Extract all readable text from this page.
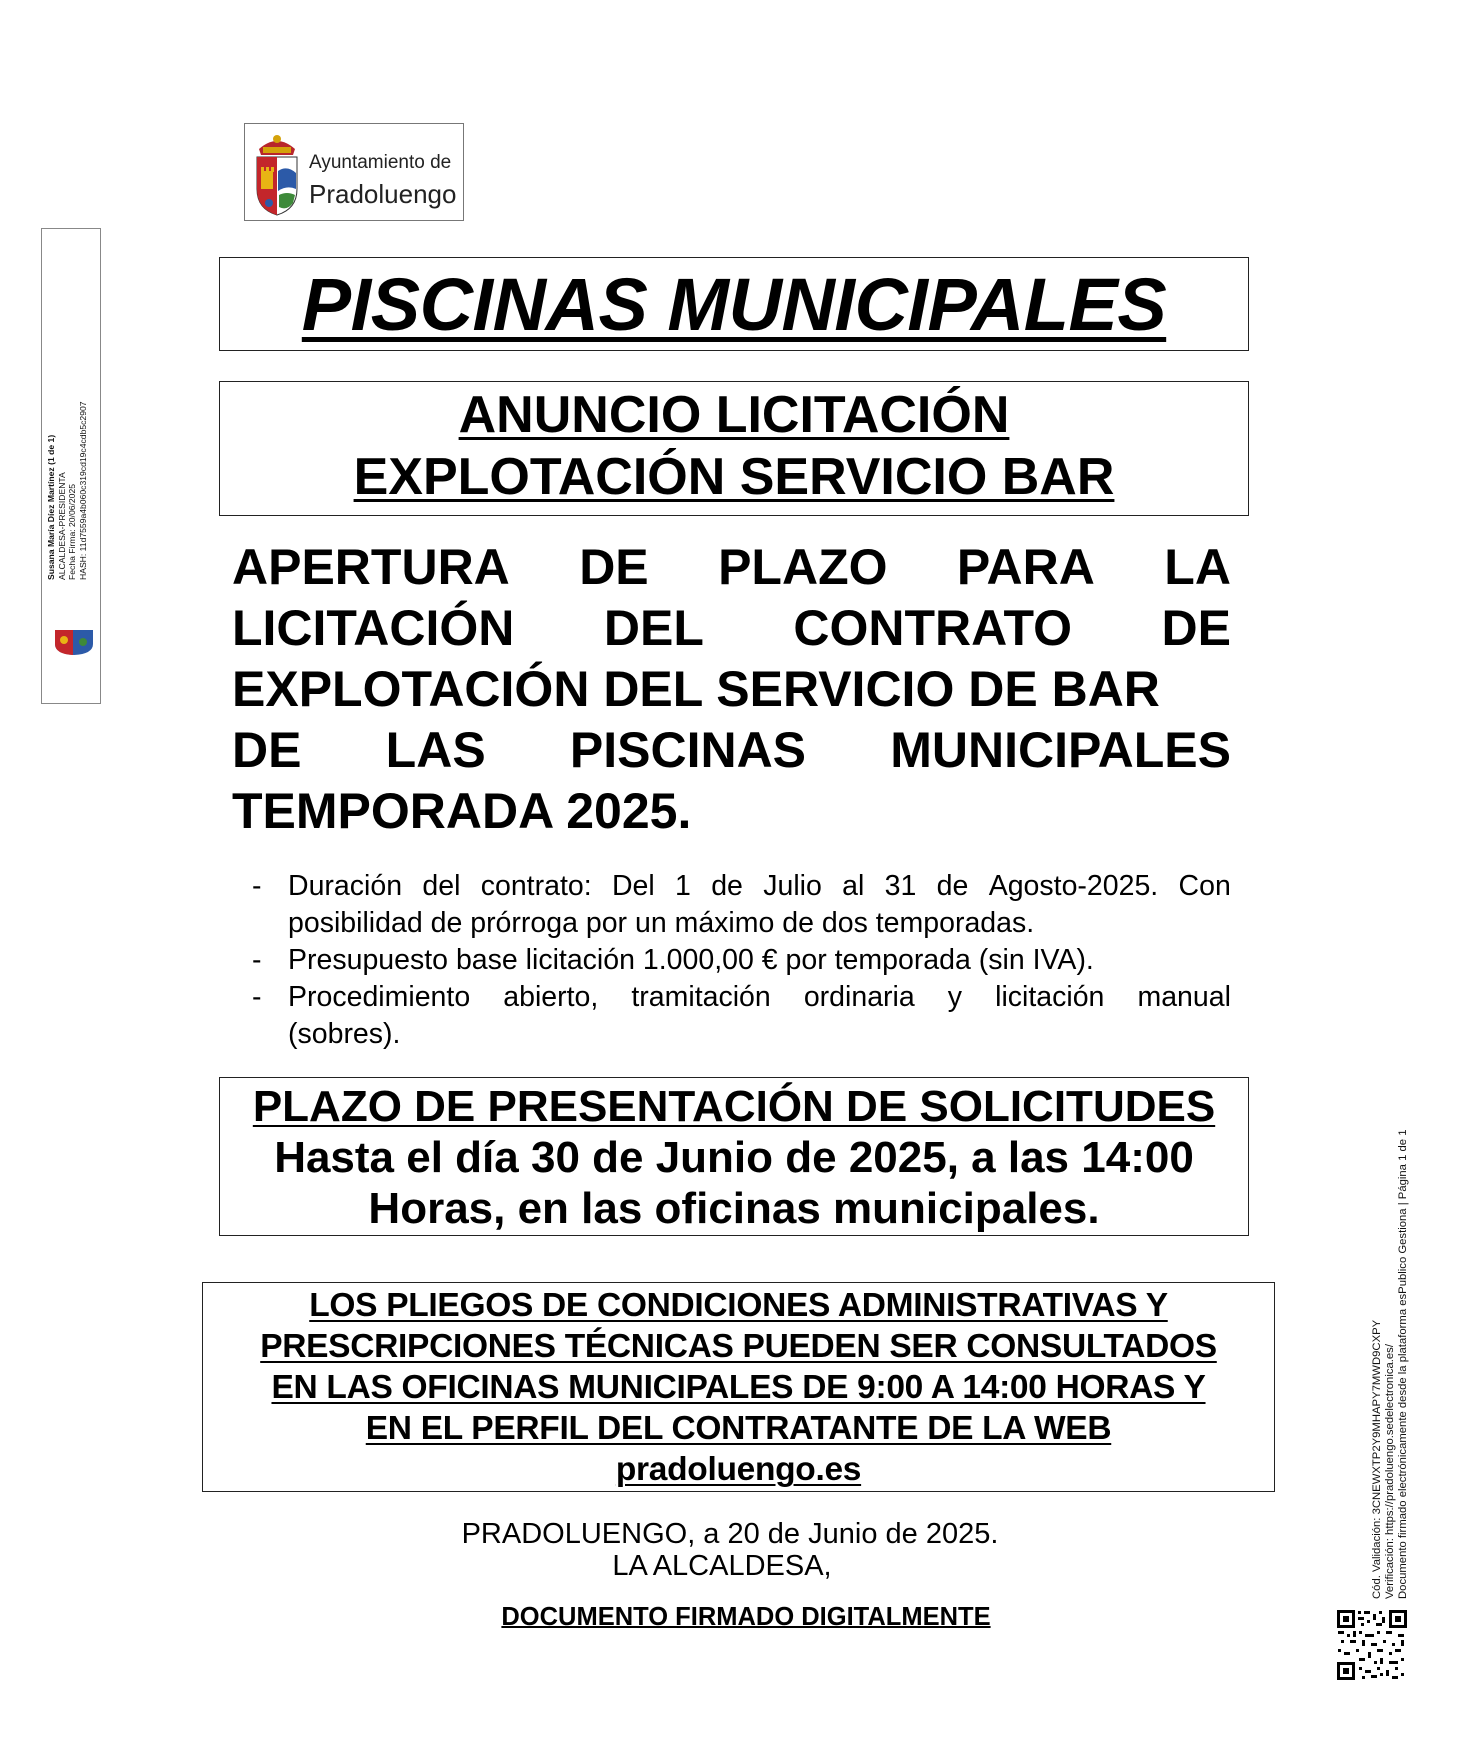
Ayuntamiento de
Pradoluengo
Susana María Díez Martínez (1 de 1) ALCALDESA-PRESIDENTA Fecha Firma: 20/06/2025 HASH: 11d7559a4b060c319cd19c4cdb5c2907
PISCINAS MUNICIPALES
ANUNCIO LICITACIÓN
EXPLOTACIÓN SERVICIO BAR
APERTURA DE PLAZO PARA LA
LICITACIÓN DEL CONTRATO DE
EXPLOTACIÓN DEL SERVICIO DE BAR
DE LAS PISCINAS MUNICIPALES
TEMPORADA 2025.
- Duración del contrato: Del 1 de Julio al 31 de Agosto-2025. Con
posibilidad de prórroga por un máximo de dos temporadas.
- Presupuesto base licitación 1.000,00 € por temporada (sin IVA).
- Procedimiento abierto, tramitación ordinaria y licitación manual
(sobres).
PLAZO DE PRESENTACIÓN DE SOLICITUDES
Hasta el día 30 de Junio de 2025, a las 14:00
Horas, en las oficinas municipales.
LOS PLIEGOS DE CONDICIONES ADMINISTRATIVAS Y
PRESCRIPCIONES TÉCNICAS PUEDEN SER CONSULTADOS
EN LAS OFICINAS MUNICIPALES DE 9:00 A 14:00 HORAS Y
EN EL PERFIL DEL CONTRATANTE DE LA WEB
pradoluengo.es
PRADOLUENGO, a 20 de Junio de 2025.
LA ALCALDESA,
DOCUMENTO FIRMADO DIGITALMENTE
Cód. Validación: 3CNEWXTP2Y9MHAPY7MWD9CXPY Verificación: https://pradoluengo.sedelectronica.es/ Documento firmado electrónicamente desde la plataforma esPublico Gestiona | Página 1 de 1
